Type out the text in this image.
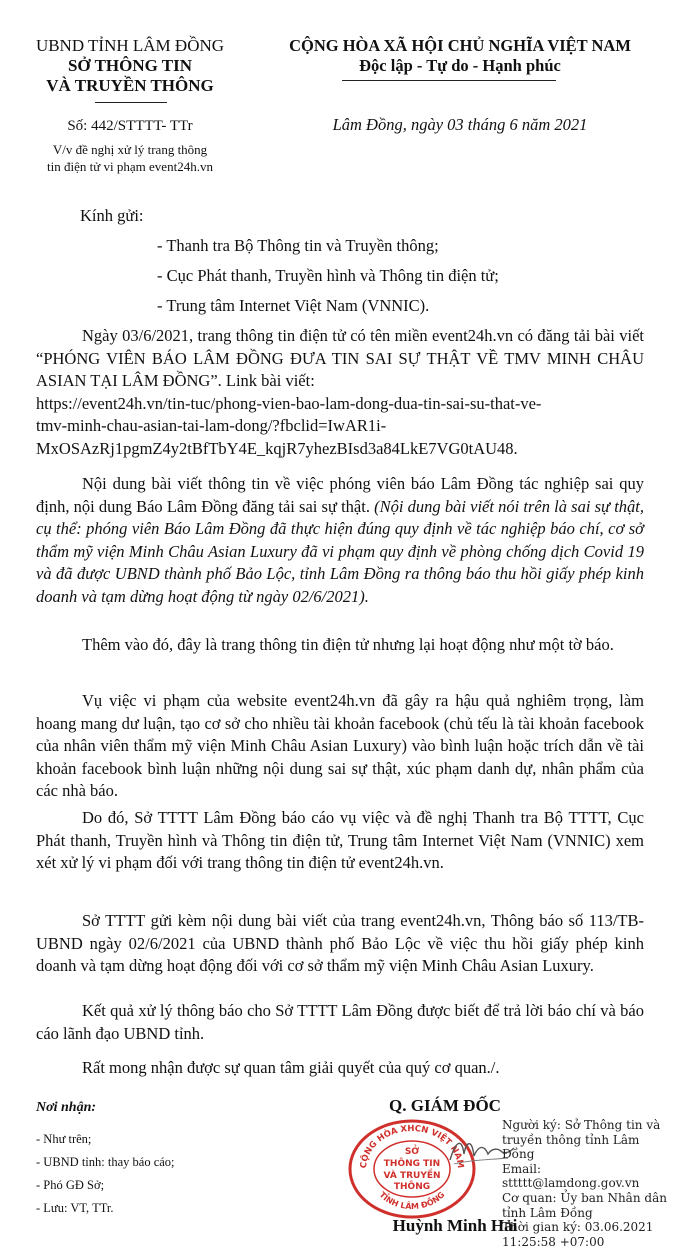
UBND TỈNH LÂM ĐỒNG
SỞ THÔNG TIN
VÀ TRUYỀN THÔNG
Số: 442/STTTT- TTr
V/v đề nghị xử lý trang thông
tin điện tử vi phạm event24h.vn
CỘNG HÒA XÃ HỘI CHỦ NGHĨA VIỆT NAM
Độc lập - Tự do - Hạnh phúc
Lâm Đồng, ngày 03 tháng 6 năm 2021
Kính gửi:
- Thanh tra Bộ Thông tin và Truyền thông;
- Cục Phát thanh, Truyền hình và Thông tin điện tử;
- Trung tâm Internet Việt Nam (VNNIC).
Ngày 03/6/2021, trang thông tin điện tử có tên miền event24h.vn có đăng tải bài viết “PHÓNG VIÊN BÁO LÂM ĐỒNG ĐƯA TIN SAI SỰ THẬT VỀ TMV MINH CHÂU ASIAN TẠI LÂM ĐỒNG”. Link bài viết:
https://event24h.vn/tin-tuc/phong-vien-bao-lam-dong-dua-tin-sai-su-that-ve-
tmv-minh-chau-asian-tai-lam-dong/?fbclid=IwAR1i-
MxOSAzRj1pgmZ4y2tBfTbY4E_kqjR7yhezBIsd3a84LkE7VG0tAU48.
Nội dung bài viết thông tin về việc phóng viên báo Lâm Đồng tác nghiệp sai quy định, nội dung Báo Lâm Đồng đăng tải sai sự thật. (Nội dung bài viết nói trên là sai sự thật, cụ thể: phóng viên Báo Lâm Đồng đã thực hiện đúng quy định về tác nghiệp báo chí, cơ sở thẩm mỹ viện Minh Châu Asian Luxury đã vi phạm quy định về phòng chống dịch Covid 19 và đã được UBND thành phố Bảo Lộc, tỉnh Lâm Đồng ra thông báo thu hồi giấy phép kinh doanh và tạm dừng hoạt động từ ngày 02/6/2021).
Thêm vào đó, đây là trang thông tin điện tử nhưng lại hoạt động như một tờ báo.
Vụ việc vi phạm của website event24h.vn đã gây ra hậu quả nghiêm trọng, làm hoang mang dư luận, tạo cơ sở cho nhiều tài khoản facebook (chủ tếu là tài khoản facebook của nhân viên thẩm mỹ viện Minh Châu Asian Luxury) vào bình luận hoặc trích dẫn về tài khoản facebook bình luận những nội dung sai sự thật, xúc phạm danh dự, nhân phẩm của các nhà báo.
Do đó, Sở TTTT Lâm Đồng báo cáo vụ việc và đề nghị Thanh tra Bộ TTTT, Cục Phát thanh, Truyền hình và Thông tin điện tử, Trung tâm Internet Việt Nam (VNNIC) xem xét xử lý vi phạm đối với trang thông tin điện tử event24h.vn.
Sở TTTT gửi kèm nội dung bài viết của trang event24h.vn, Thông báo số 113/TB-UBND ngày 02/6/2021 của UBND thành phố Bảo Lộc về việc thu hồi giấy phép kinh doanh và tạm dừng hoạt động đối với cơ sở thẩm mỹ viện Minh Châu Asian Luxury.
Kết quả xử lý thông báo cho Sở TTTT Lâm Đồng được biết để trả lời báo chí và báo cáo lãnh đạo UBND tỉnh.
Rất mong nhận được sự quan tâm giải quyết của quý cơ quan./.
Nơi nhận:
- Như trên;
- UBND tỉnh: thay báo cáo;
- Phó GĐ Sở;
- Lưu: VT, TTr.
Q. GIÁM ĐỐC
CỘNG HÒA XHCN VIỆT NAM
TỈNH LÂM ĐỒNG
SỞ
THÔNG TIN
VÀ TRUYỀN
THÔNG
Người ký: Sở Thông tin và
truyền thông tỉnh Lâm Đồng
Email: sttttt@lamdong.gov.vn
Cơ quan: Ủy ban Nhân dân
tỉnh Lâm Đồng
Thời gian ký: 03.06.2021
11:25:58 +07:00
Huỳnh Minh Hải
